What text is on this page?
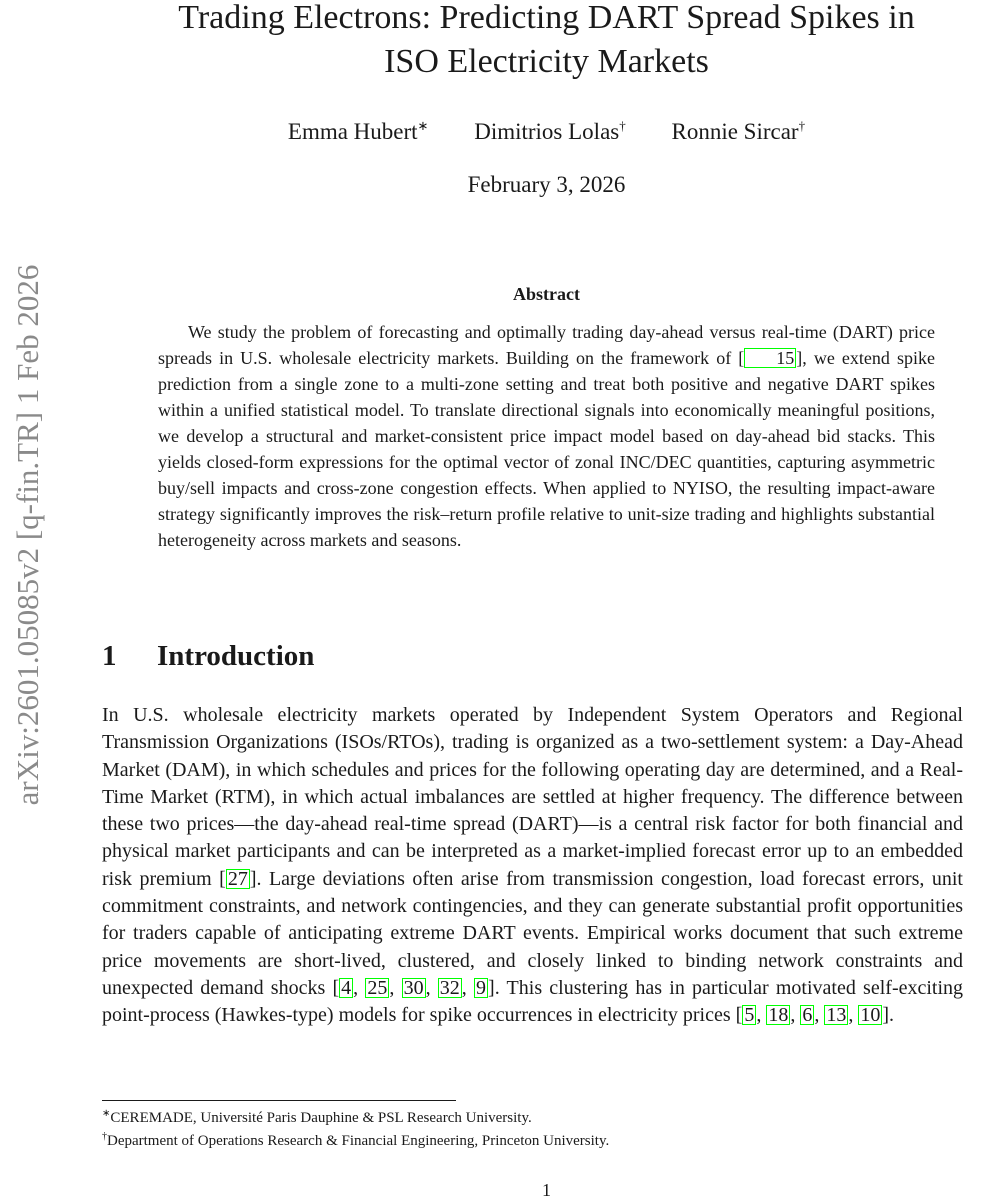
arXiv:2601.05085v2 [q-fin.TR] 1 Feb 2026
Trading Electrons: Predicting DART Spread Spikes in
ISO Electricity Markets
Emma Hubert∗ Dimitrios Lolas† Ronnie Sircar†
February 3, 2026
Abstract

We study the problem of forecasting and optimally trading day-ahead versus real-time (DART) price spreads in U.S. wholesale electricity markets. Building on the framework of [ 15 ], we extend spike prediction from a single zone to a multi-zone setting and treat both positive and negative DART spikes within a unified statistical model. To translate directional signals into economically meaningful positions, we develop a structural and market-consistent price impact model based on day-ahead bid stacks. This yields closed-form expressions for the optimal vector of zonal INC/DEC quantities, capturing asymmetric buy/sell impacts and cross-zone congestion effects. When applied to NYISO, the resulting impact-aware strategy significantly improves the risk–return profile relative to unit-size trading and highlights substantial heterogeneity across markets and seasons.

1 Introduction

In U.S. wholesale electricity markets operated by Independent System Operators and Regional Transmission Organizations (ISOs/RTOs), trading is organized as a two-settlement system: a Day-Ahead Market (DAM), in which schedules and prices for the following operating day are determined, and a Real-Time Market (RTM), in which actual imbalances are settled at higher frequency. The difference between these two prices—the day-ahead real-time spread (DART)—is a central risk factor for both financial and physical market participants and can be interpreted as a market-implied forecast error up to an embedded risk premium [ 27 ]. Large deviations often arise from transmission congestion, load forecast errors, unit commitment constraints, and network contingencies, and they can generate substantial profit opportunities for traders capable of anticipating extreme DART events. Empirical works document that such extreme price movements are short-lived, clustered, and closely linked to binding network constraints and unexpected demand shocks [ 4 , 25 , 30 , 32 , 9 ]. This clustering has in particular motivated self-exciting point-process (Hawkes-type) models for spike occurrences in electricity prices [ 5 , 18 , 6 , 13 , 10 ].

∗CEREMADE, Université Paris Dauphine & PSL Research University.
†Department of Operations Research & Financial Engineering, Princeton University.
1
